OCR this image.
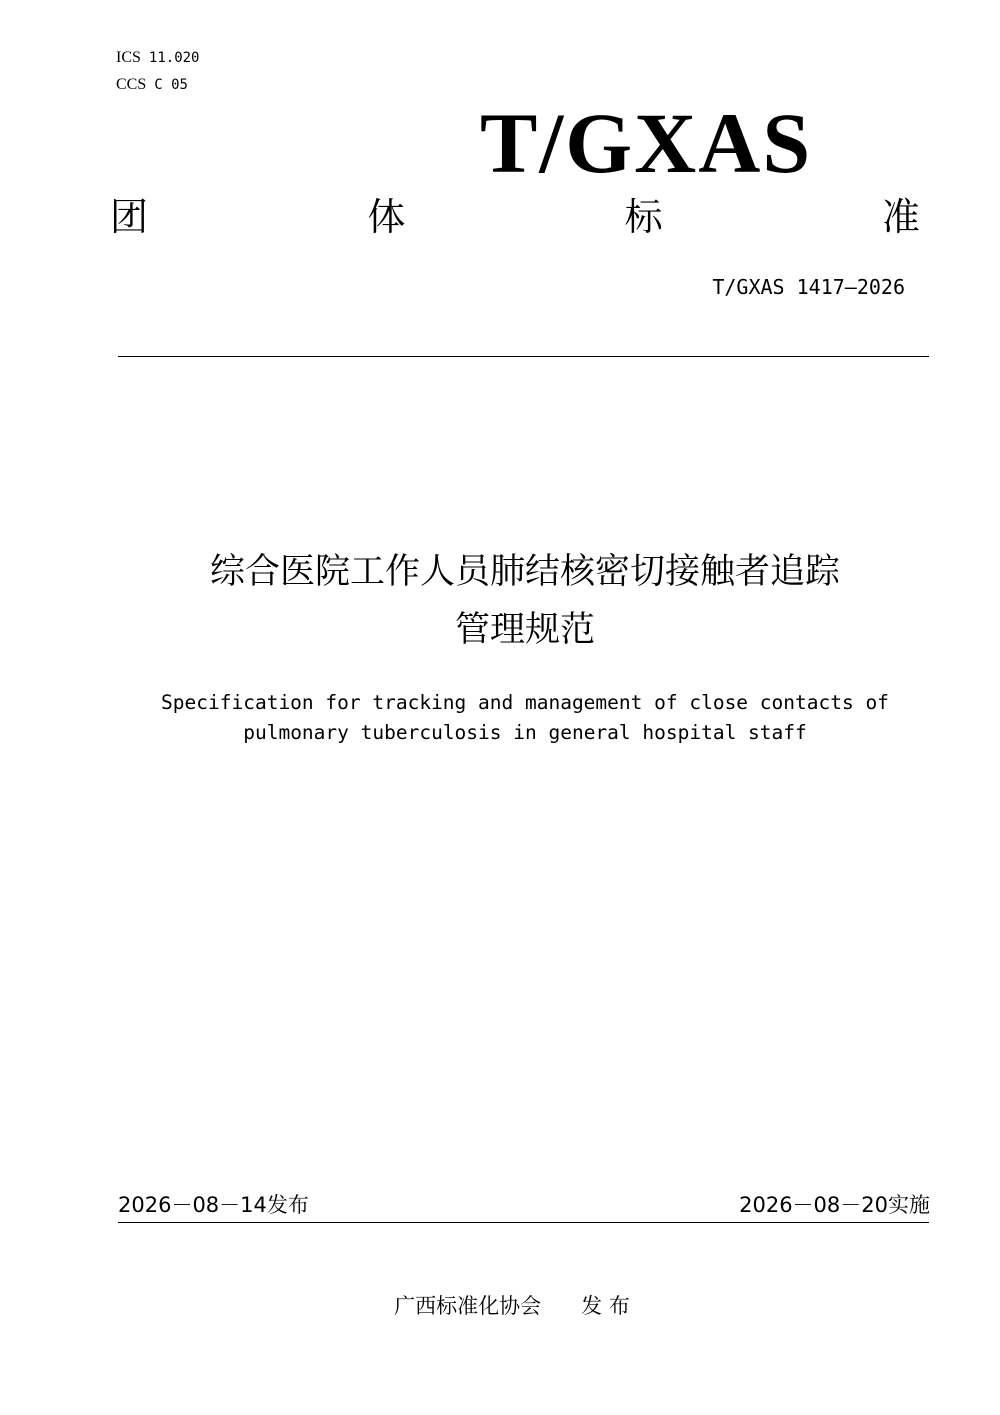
ICS 11.020
CCS C 05
T/GXAS
团	体	标	准
T/GXAS 1417—2026
综合医院工作人员肺结核密切接触者追踪
管理规范
Specification for tracking and management of close contacts of
pulmonary tuberculosis in general hospital staff
2026－08－14发布	2026－08－20实施
广西标准化协会      发 布
